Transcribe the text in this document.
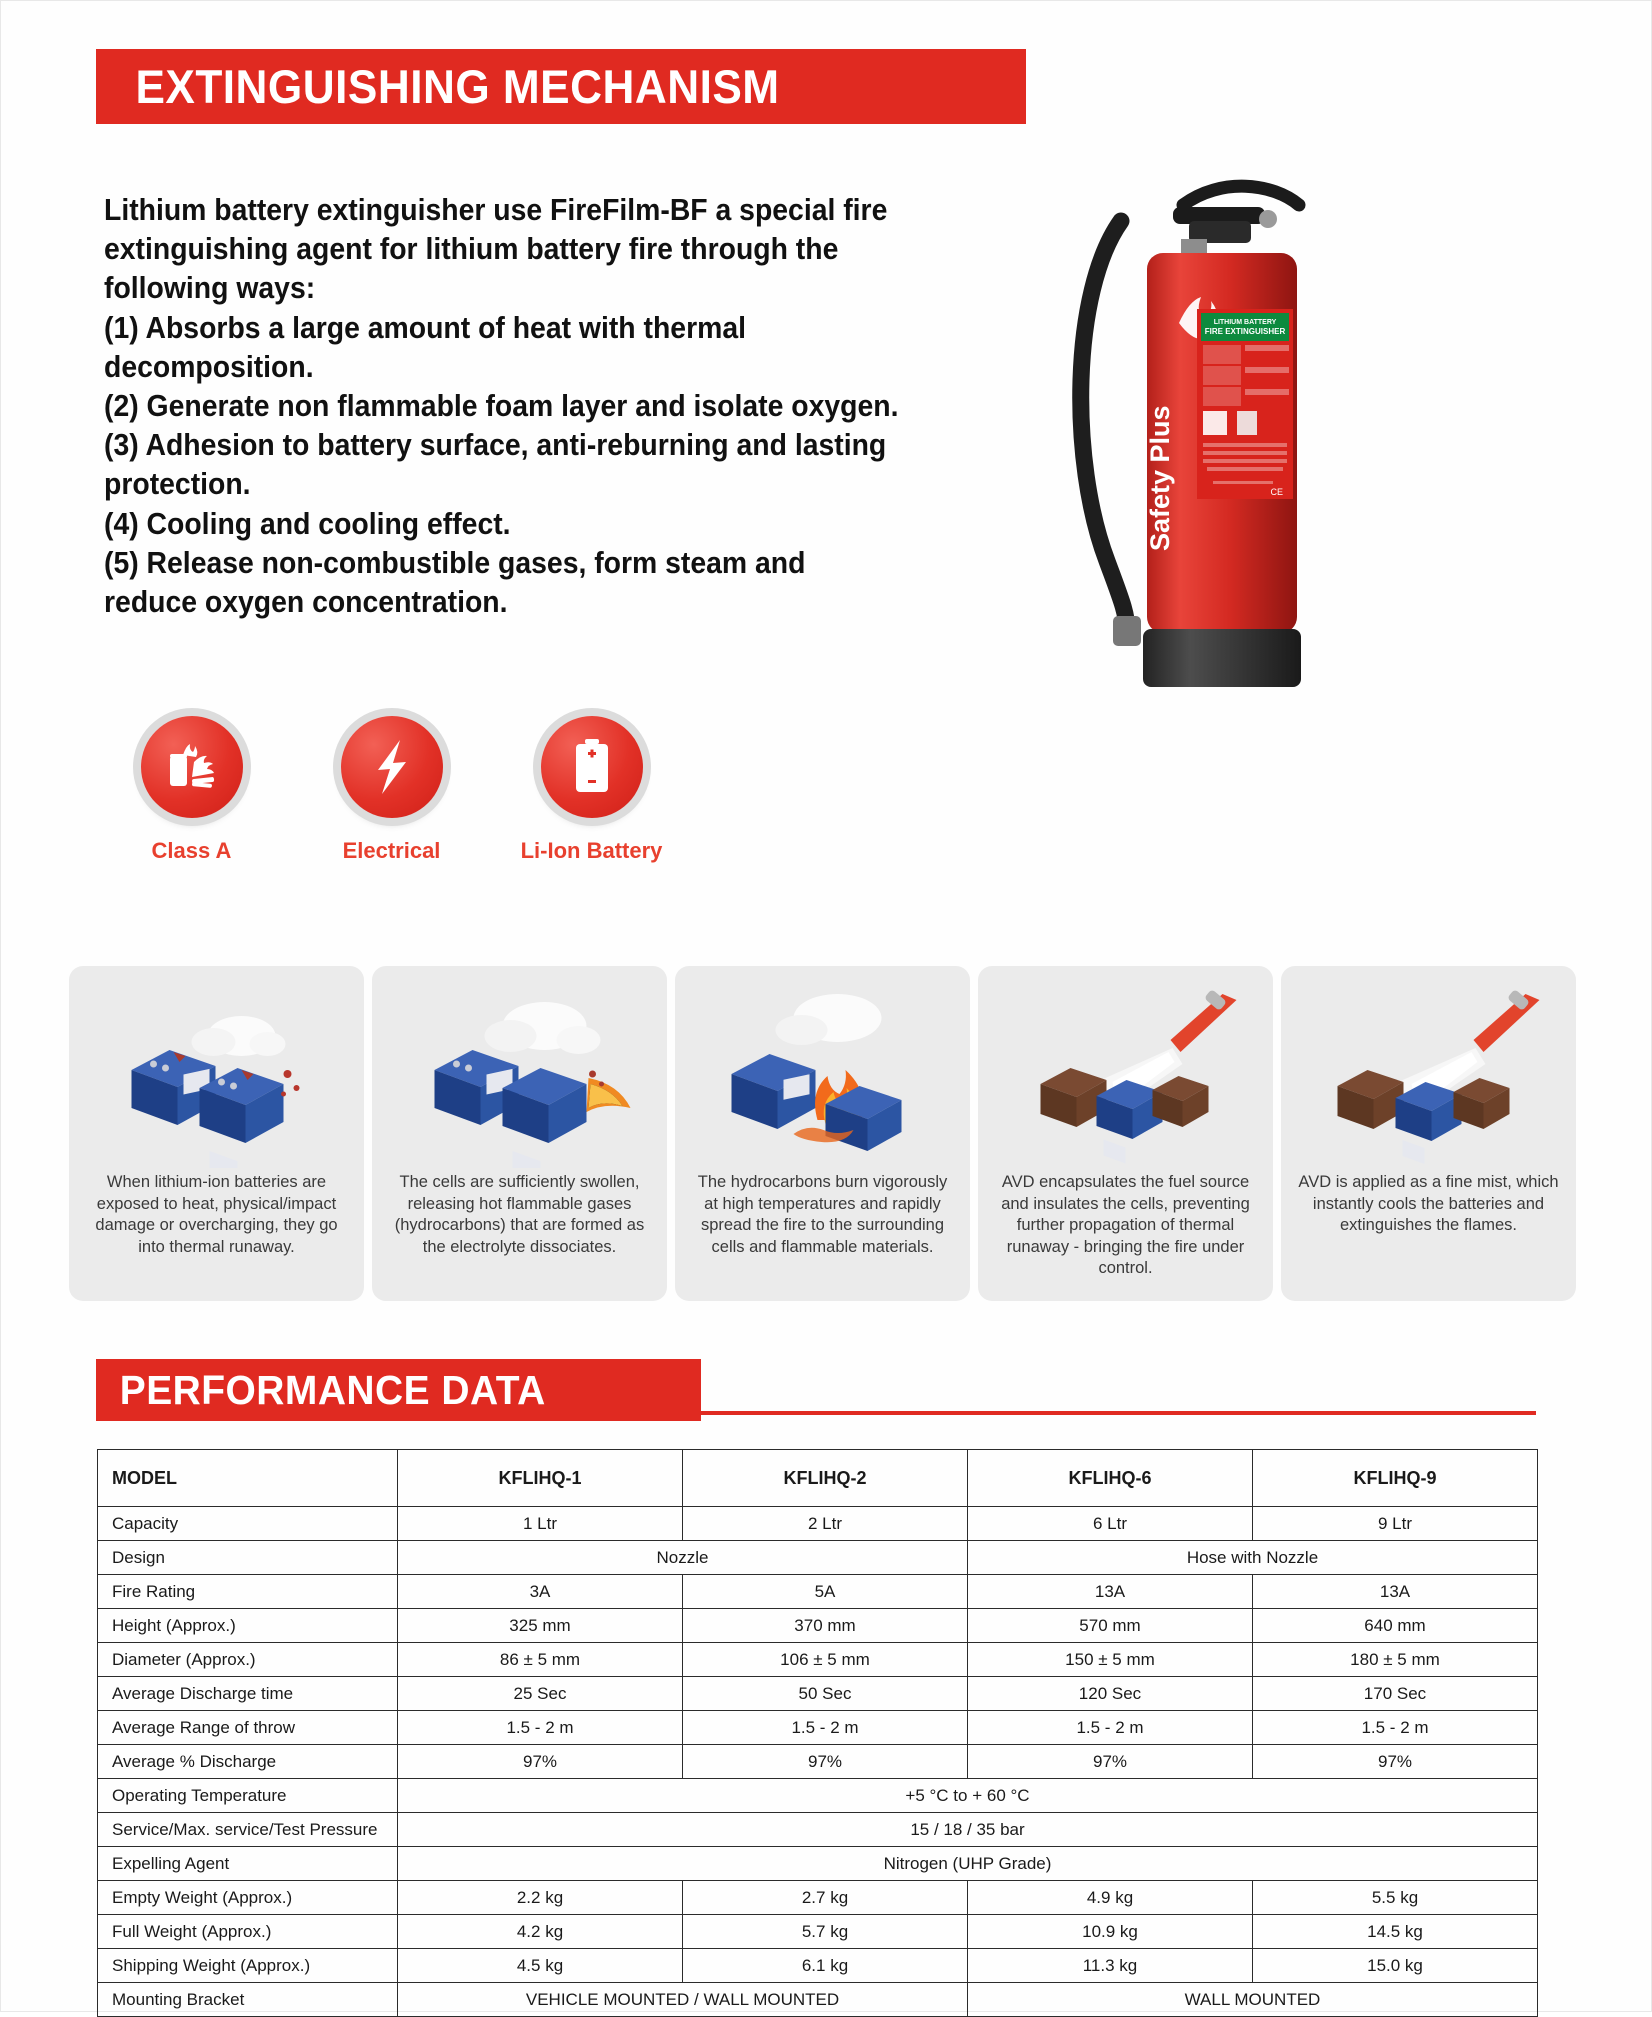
EXTINGUISHING MECHANISM

Lithium battery extinguisher use FireFilm-BF a special fire extinguishing agent for lithium battery fire through the following ways:

(1) Absorbs a large amount of heat with thermal decomposition.

(2) Generate non flammable foam layer and isolate oxygen.

(3) Adhesion to battery surface, anti-reburning and lasting protection.

(4) Cooling and cooling effect.

(5) Release non-combustible gases, form steam and reduce oxygen concentration.

Class A	Electrical	Li-Ion Battery
Safety Plus
LITHIUM BATTERY
FIRE EXTINGUISHER
CE
When lithium-ion batteries are exposed to heat, physical/impact damage or overcharging, they go into thermal runaway.
The cells are sufficiently swollen, releasing hot flammable gases (hydrocarbons) that are formed as the electrolyte dissociates.
The hydrocarbons burn vigorously at high temperatures and rapidly spread the fire to the surrounding cells and flammable materials.
AVD encapsulates the fuel source and insulates the cells, preventing further propagation of thermal runaway - bringing the fire under control.
AVD is applied as a fine mist, which instantly cools the batteries and extinguishes the flames.
PERFORMANCE DATA
MODEL	KFLIHQ-1	KFLIHQ-2	KFLIHQ-6	KFLIHQ-9
Capacity	1 Ltr	2 Ltr	6 Ltr	9 Ltr
Design	Nozzle		Hose with Nozzle	
Fire Rating	3A	5A	13A	13A
Height (Approx.)	325 mm	370 mm	570 mm	640 mm
Diameter (Approx.)	86 ± 5 mm	106 ± 5 mm	150 ± 5 mm	180 ± 5 mm
Average Discharge time	25 Sec	50 Sec	120 Sec	170 Sec
Average Range of throw	1.5 - 2 m	1.5 - 2 m	1.5 - 2 m	1.5 - 2 m
Average % Discharge	97%	97%	97%	97%
Operating Temperature	+5 °C to + 60 °C			
Service/Max. service/Test Pressure	15 / 18 / 35 bar			
Expelling Agent	Nitrogen (UHP Grade)			
Empty Weight (Approx.)	2.2 kg	2.7 kg	4.9 kg	5.5 kg
Full Weight (Approx.)	4.2 kg	5.7 kg	10.9 kg	14.5 kg
Shipping Weight (Approx.)	4.5 kg	6.1 kg	11.3 kg	15.0 kg
Mounting Bracket	VEHICLE MOUNTED / WALL MOUNTED		WALL MOUNTED	
